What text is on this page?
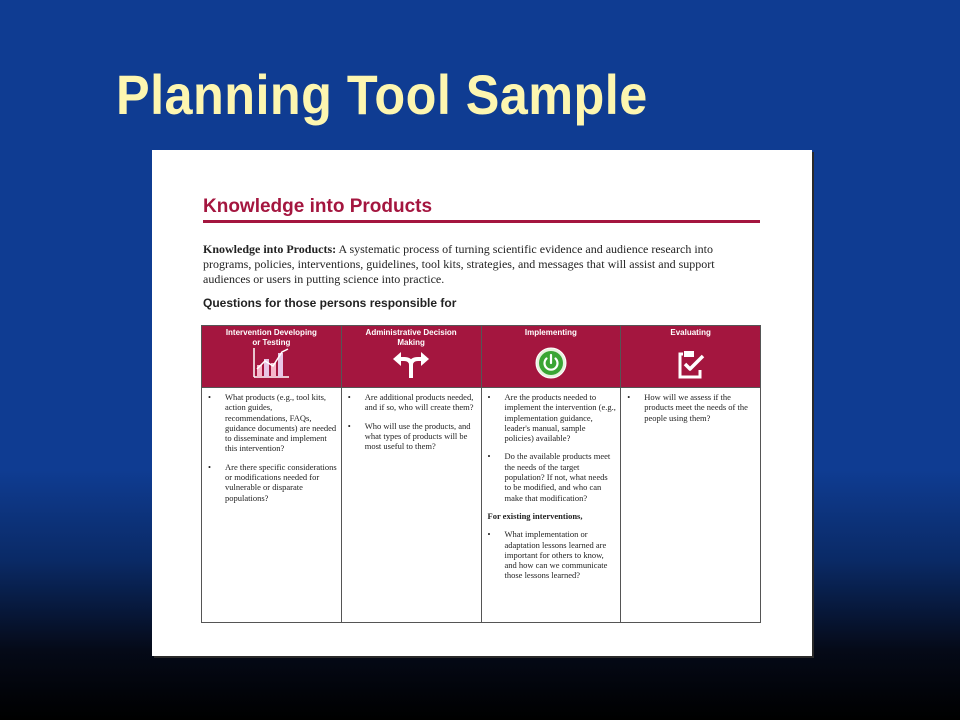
Planning Tool Sample
Knowledge into Products

Knowledge into Products: A systematic process of turning scientific evidence and audience research into programs, policies, interventions, guidelines, tool kits, strategies, and messages that will assist and support audiences or users in putting science into practice.

Questions for those persons responsible for

Intervention Developing or Testing
• What products (e.g., tool kits, action guides, recommendations, FAQs, guidance documents) are needed to disseminate and implement this intervention?
• Are there specific considerations or modifications needed for vulnerable or disparate populations?
Administrative Decision Making
• Are additional products needed, and if so, who will create them?
• Who will use the products, and what types of products will be most useful to them?
Implementing
• Are the products needed to implement the intervention (e.g., implementation guidance, leader's manual, sample policies) available?
• Do the available products meet the needs of the target population? If not, what needs to be modified, and who can make that modification?

For existing interventions,

• What implementation or adaptation lessons learned are important for others to know, and how can we communicate those lessons learned?
Evaluating
• How will we assess if the products meet the needs of the people using them?
